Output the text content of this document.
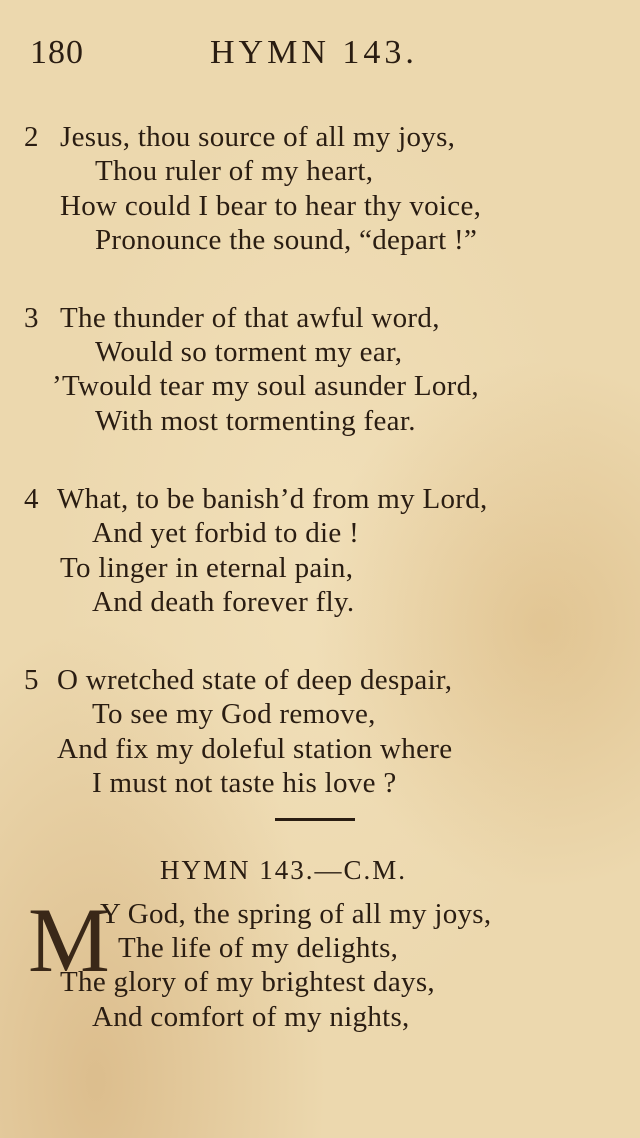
180	HYMN 143.
2 Jesus, thou source of all my joys,
Thou ruler of my heart,
How could I bear to hear thy voice,
Pronounce the sound, “depart !”
3 The thunder of that awful word,
Would so torment my ear,
’Twould tear my soul asunder Lord,
With most tormenting fear.
4 What, to be banish’d from my Lord,
And yet forbid to die !
To linger in eternal pain,
And death forever fly.
5 O wretched state of deep despair,
To see my God remove,
And fix my doleful station where
I must not taste his love ?
HYMN 143.—C.M.
M
Y God, the spring of all my joys,
The life of my delights,
The glory of my brightest days,
And comfort of my nights,
